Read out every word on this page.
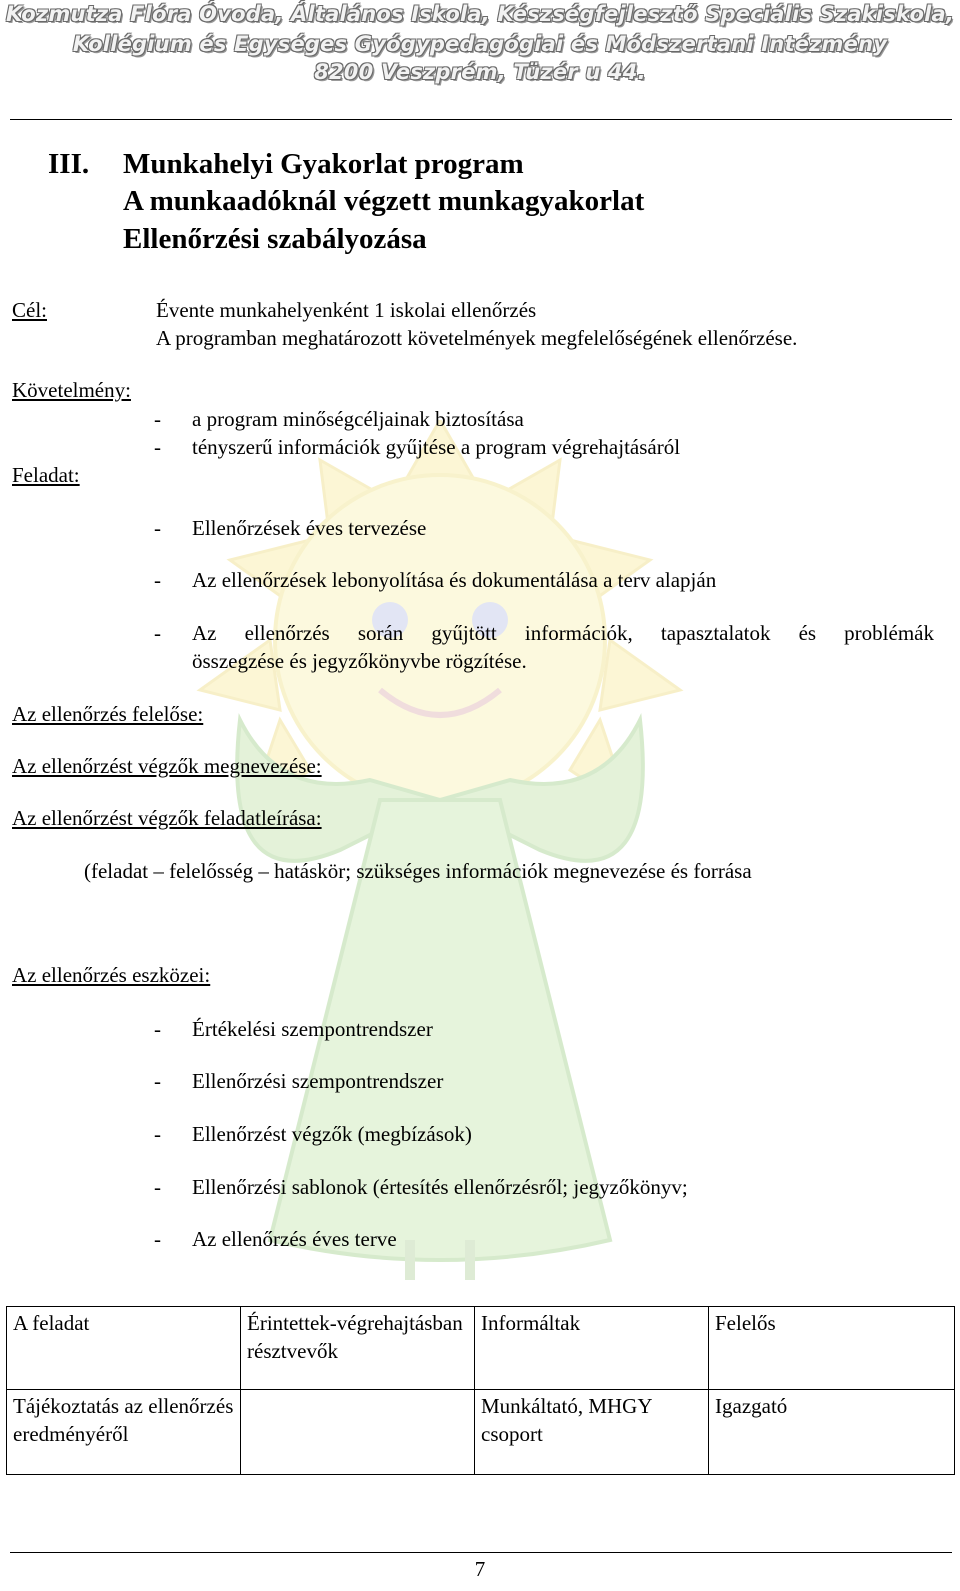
Kozmutza Flóra Óvoda, Általános Iskola, Készségfejlesztő Speciális Szakiskola,
Kollégium és Egységes Gyógypedagógiai és Módszertani Intézmény
8200 Veszprém, Tüzér u 44.
III. Munkahelyi Gyakorlat program
A munkaadóknál végzett munkagyakorlat
Ellenőrzési szabályozása
Cél:	Évente munkahelyenként 1 iskolai ellenőrzés
A programban meghatározott követelmények megfelelőségének ellenőrzése.
Követelmény:
- a program minőségcéljainak biztosítása
- tényszerű információk gyűjtése a program végrehajtásáról
Feladat:
- Ellenőrzések éves tervezése
- Az ellenőrzések lebonyolítása és dokumentálása a terv alapján
- Az ellenőrzés során gyűjtött információk, tapasztalatok és problémák
összegzése és jegyzőkönyvbe rögzítése.
Az ellenőrzés felelőse:
Az ellenőrzést végzők megnevezése:
Az ellenőrzést végzők feladatleírása:
(feladat – felelősség – hatáskör; szükséges információk megnevezése és forrása
Az ellenőrzés eszközei:
- Értékelési szempontrendszer
- Ellenőrzési szempontrendszer
- Ellenőrzést végzők (megbízások)
- Ellenőrzési sablonok (értesítés ellenőrzésről; jegyzőkönyv;
- Az ellenőrzés éves terve
A feladat	Érintettek-végrehajtásban résztvevők	Informáltak	Felelős
Tájékoztatás az ellenőrzés eredményéről		Munkáltató, MHGY csoport	Igazgató
7
